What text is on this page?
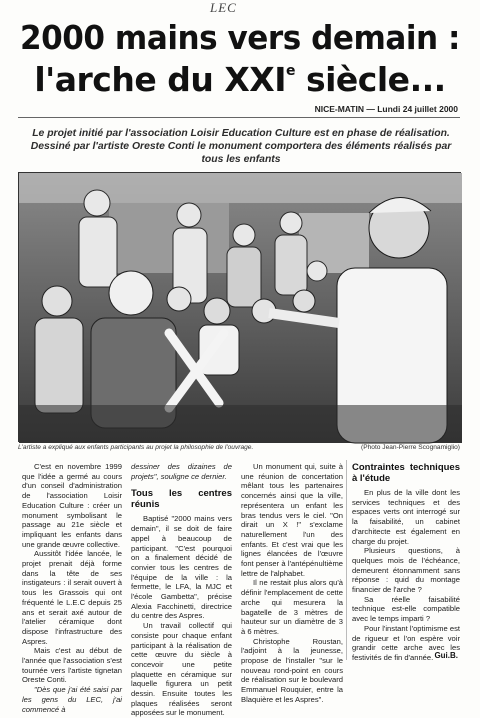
LEC
2000 mains vers demain :
l'arche du XXIe siècle...
NICE-MATIN — Lundi 24 juillet 2000
Le projet initié par l'association Loisir Education Culture est en phase de réalisation. Dessiné par l'artiste Oreste Conti le monument comportera des éléments réalisés par tous les enfants
L'artiste a expliqué aux enfants participants au projet la philosophie de l'ouvrage.	(Photo Jean-Pierre Scognamiglio)

C'est en novembre 1999 que l'idée a germé au cours d'un conseil d'administration de l'association Loisir Education Culture : créer un monument symbolisant le passage au 21e siècle et impliquant les enfants dans une grande œuvre collective.

Aussitôt l'idée lancée, le projet prenait déjà forme dans la tête de ses instigateurs : il serait ouvert à tous les Grassois qui ont fréquenté le L.E.C depuis 25 ans et serait axé autour de l'atelier céramique dont dispose l'infrastructure des Aspres.

Mais c'est au début de l'année que l'association s'est tournée vers l'artiste tignetan Oreste Conti.

"Dès que j'ai été saisi par les gens du LEC, j'ai commencé à

dessiner des dizaines de projets", souligne ce dernier.

Tous les centres réunis

Baptisé "2000 mains vers demain", il se doit de faire appel à beaucoup de participant. "C'est pourquoi on a finalement décidé de convier tous les centres de l'équipe de la ville : la fermette, le LFA, la MJC et l'école Gambetta", précise Alexia Facchinetti, directrice du centre des Aspres.

Un travail collectif qui consiste pour chaque enfant participant à la réalisation de cette œuvre du siècle à concevoir une petite plaquette en céramique sur laquelle figurera un petit dessin. Ensuite toutes les plaques réalisées seront apposées sur le monument.

Un monument qui, suite à une réunion de concertation mêlant tous les partenaires concernés ainsi que la ville, représentera un enfant les bras tendus vers le ciel. "On dirait un X !" s'exclame naturellement l'un des enfants. Et c'est vrai que les lignes élancées de l'œuvre font penser à l'antépénultième lettre de l'alphabet.

Il ne restait plus alors qu'à définir l'emplacement de cette arche qui mesurera la bagatelle de 3 mètres de hauteur sur un diamètre de 3 à 6 mètres.

Christophe Roustan, l'adjoint à la jeunesse, propose de l'installer "sur le nouveau rond-point en cours de réalisation sur le boulevard Emmanuel Rouquier, entre la Blaquière et les Aspres".

Contraintes techniques à l'étude

En plus de la ville dont les services techniques et des espaces verts ont interrogé sur la faisabilité, un cabinet d'architecte est également en charge du projet.

Plusieurs questions, à quelques mois de l'échéance, demeurent étonnamment sans réponse : quid du montage financier de l'arche ?

Sa réelle faisabilité technique est-elle compatible avec le temps imparti ?

Pour l'instant l'optimisme est de rigueur et l'on espère voir grandir cette arche avec les festivités de fin d'année. Gui.B.
